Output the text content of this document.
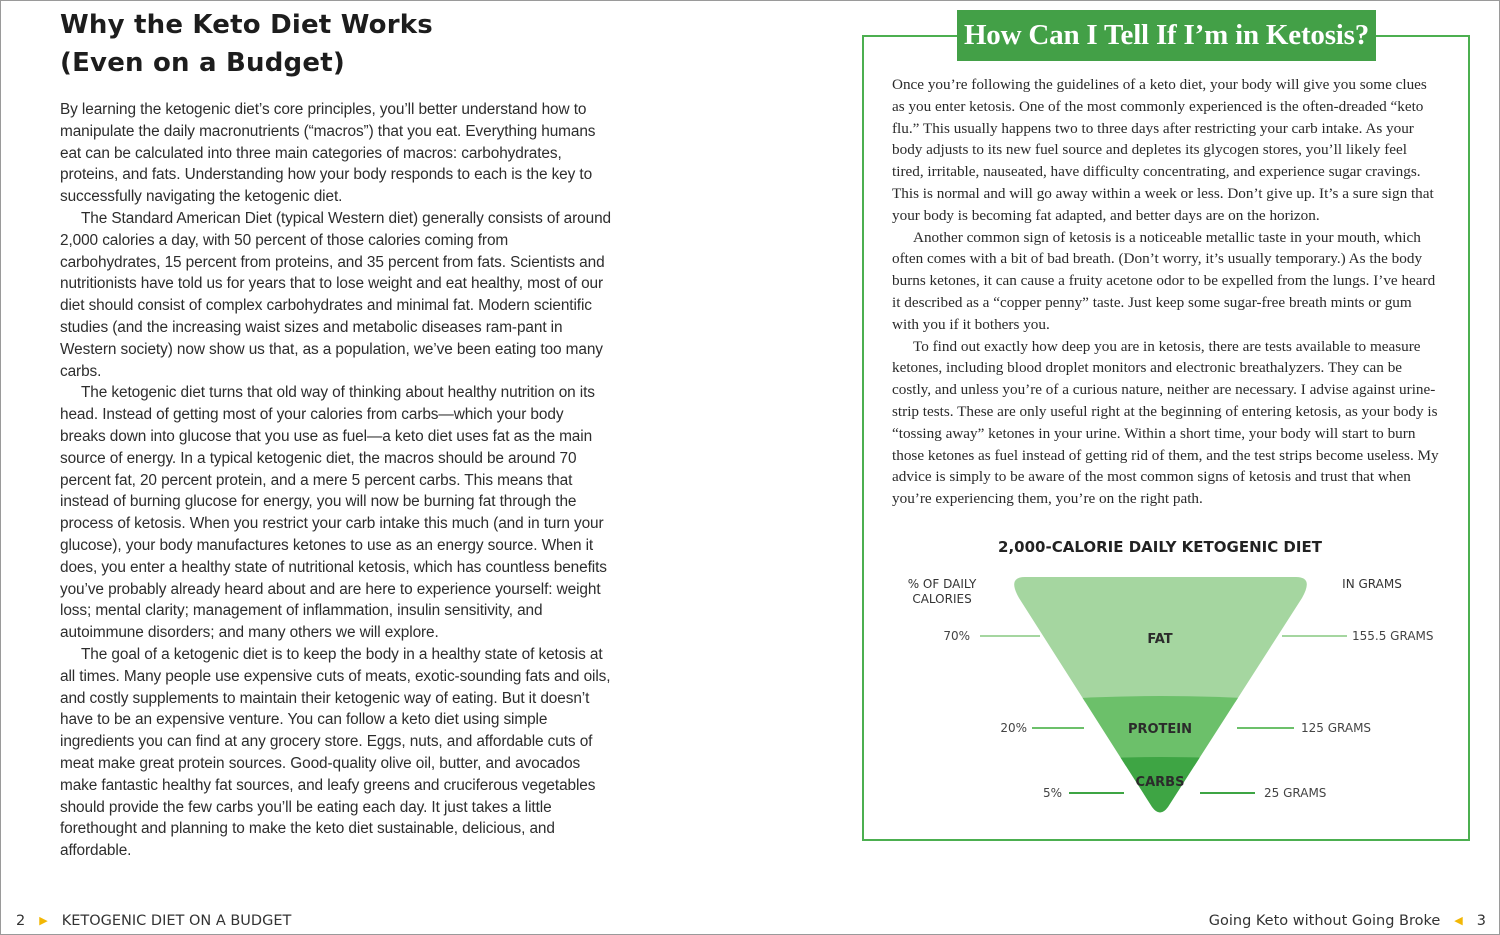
Why the Keto Diet Works
(Even on a Budget)

By learning the ketogenic diet’s core principles, you’ll better understand how to manipulate the daily macronutrients (“macros”) that you eat. Everything humans eat can be calculated into three main categories of macros: carbohydrates, proteins, and fats. Understanding how your body responds to each is the key to successfully navigating the ketogenic diet.

The Standard American Diet (typical Western diet) generally consists of around 2,000 calories a day, with 50 percent of those calories coming from carbohydrates, 15 percent from proteins, and 35 percent from fats. Scientists and nutritionists have told us for years that to lose weight and eat healthy, most of our diet should consist of complex carbohydrates and minimal fat. Modern scientific studies (and the increasing waist sizes and metabolic diseases ram-pant in Western society) now show us that, as a population, we’ve been eating too many carbs.

The ketogenic diet turns that old way of thinking about healthy nutrition on its head. Instead of getting most of your calories from carbs—which your body breaks down into glucose that you use as fuel—a keto diet uses fat as the main source of energy. In a typical ketogenic diet, the macros should be around 70 percent fat, 20 percent protein, and a mere 5 percent carbs. This means that instead of burning glucose for energy, you will now be burning fat through the process of ketosis. When you restrict your carb intake this much (and in turn your glucose), your body manufactures ketones to use as an energy source. When it does, you enter a healthy state of nutritional ketosis, which has countless benefits you’ve probably already heard about and are here to experience yourself: weight loss; mental clarity; management of inflammation, insulin sensitivity, and autoimmune disorders; and many others we will explore.

The goal of a ketogenic diet is to keep the body in a healthy state of ketosis at all times. Many people use expensive cuts of meats, exotic-sounding fats and oils, and costly supplements to maintain their ketogenic way of eating. But it doesn’t have to be an expensive venture. You can follow a keto diet using simple ingredients you can find at any grocery store. Eggs, nuts, and affordable cuts of meat make great protein sources. Good-quality olive oil, butter, and avocados make fantastic healthy fat sources, and leafy greens and cruciferous vegetables should provide the few carbs you’ll be eating each day. It just takes a little forethought and planning to make the keto diet sustainable, delicious, and affordable.

How Can I Tell If I’m in Ketosis?

Once you’re following the guidelines of a keto diet, your body will give you some clues as you enter ketosis. One of the most commonly experienced is the often-dreaded “keto flu.” This usually happens two to three days after restricting your carb intake. As your body adjusts to its new fuel source and depletes its glycogen stores, you’ll likely feel tired, irritable, nauseated, have difficulty concentrating, and experience sugar cravings. This is normal and will go away within a week or less. Don’t give up. It’s a sure sign that your body is becoming fat adapted, and better days are on the horizon.

Another common sign of ketosis is a noticeable metallic taste in your mouth, which often comes with a bit of bad breath. (Don’t worry, it’s usually temporary.) As the body burns ketones, it can cause a fruity acetone odor to be expelled from the lungs. I’ve heard it described as a “copper penny” taste. Just keep some sugar-free breath mints or gum with you if it bothers you.

To find out exactly how deep you are in ketosis, there are tests available to measure ketones, including blood droplet monitors and electronic breathalyzers. They can be costly, and unless you’re of a curious nature, neither are necessary. I advise against urine-strip tests. These are only useful right at the beginning of entering ketosis, as your body is “tossing away” ketones in your urine. Within a short time, your body will start to burn those ketones as fuel instead of getting rid of them, and the test strips become useless. My advice is simply to be aware of the most common signs of ketosis and trust that when you’re experiencing them, you’re on the right path.

2,000-CALORIE DAILY KETOGENIC DIET
% OF DAILY
CALORIES
IN GRAMS
FAT
70%	155.5 GRAMS
PROTEIN
20%	125 GRAMS
CARBS
5%	25 GRAMS
2 ▶ KETOGENIC DIET ON A BUDGET	Going Keto without Going Broke ◀ 3
